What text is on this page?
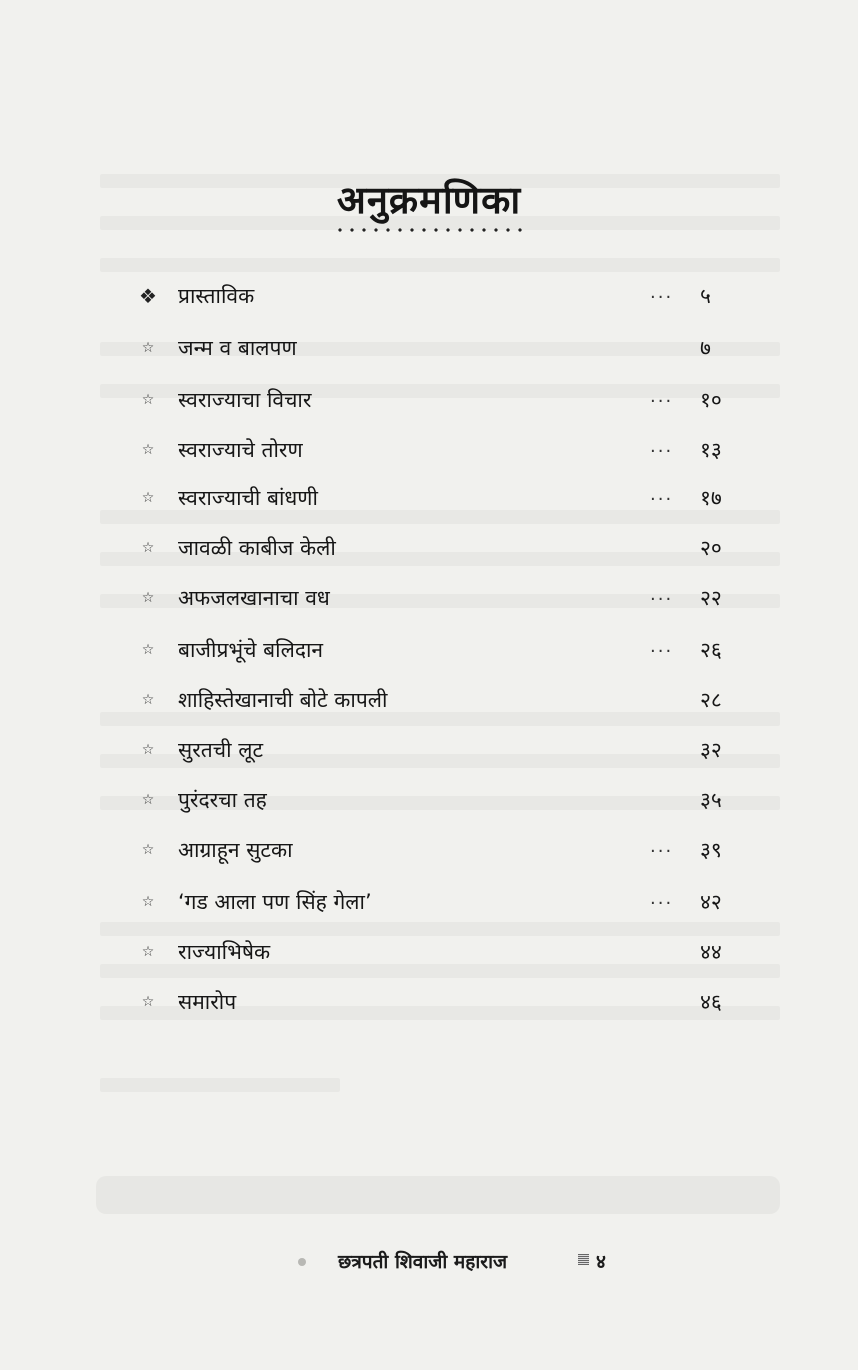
अनुक्रमणिका
❖ प्रास्ताविक	... ५
☆ जन्म व बालपण	७
☆ स्वराज्याचा विचार	... १०
☆ स्वराज्याचे तोरण	... १३
☆ स्वराज्याची बांधणी	... १७
☆ जावळी काबीज केली	२०
☆ अफजलखानाचा वध	... २२
☆ बाजीप्रभूंचे बलिदान	... २६
☆ शाहिस्तेखानाची बोटे कापली	२८
☆ सुरतची लूट	३२
☆ पुरंदरचा तह	३५
☆ आग्राहून सुटका	... ३९
☆ ‘गड आला पण सिंह गेला’	... ४२
☆ राज्याभिषेक	४४
☆ समारोप	४६
छत्रपती शिवाजी महाराज	४
